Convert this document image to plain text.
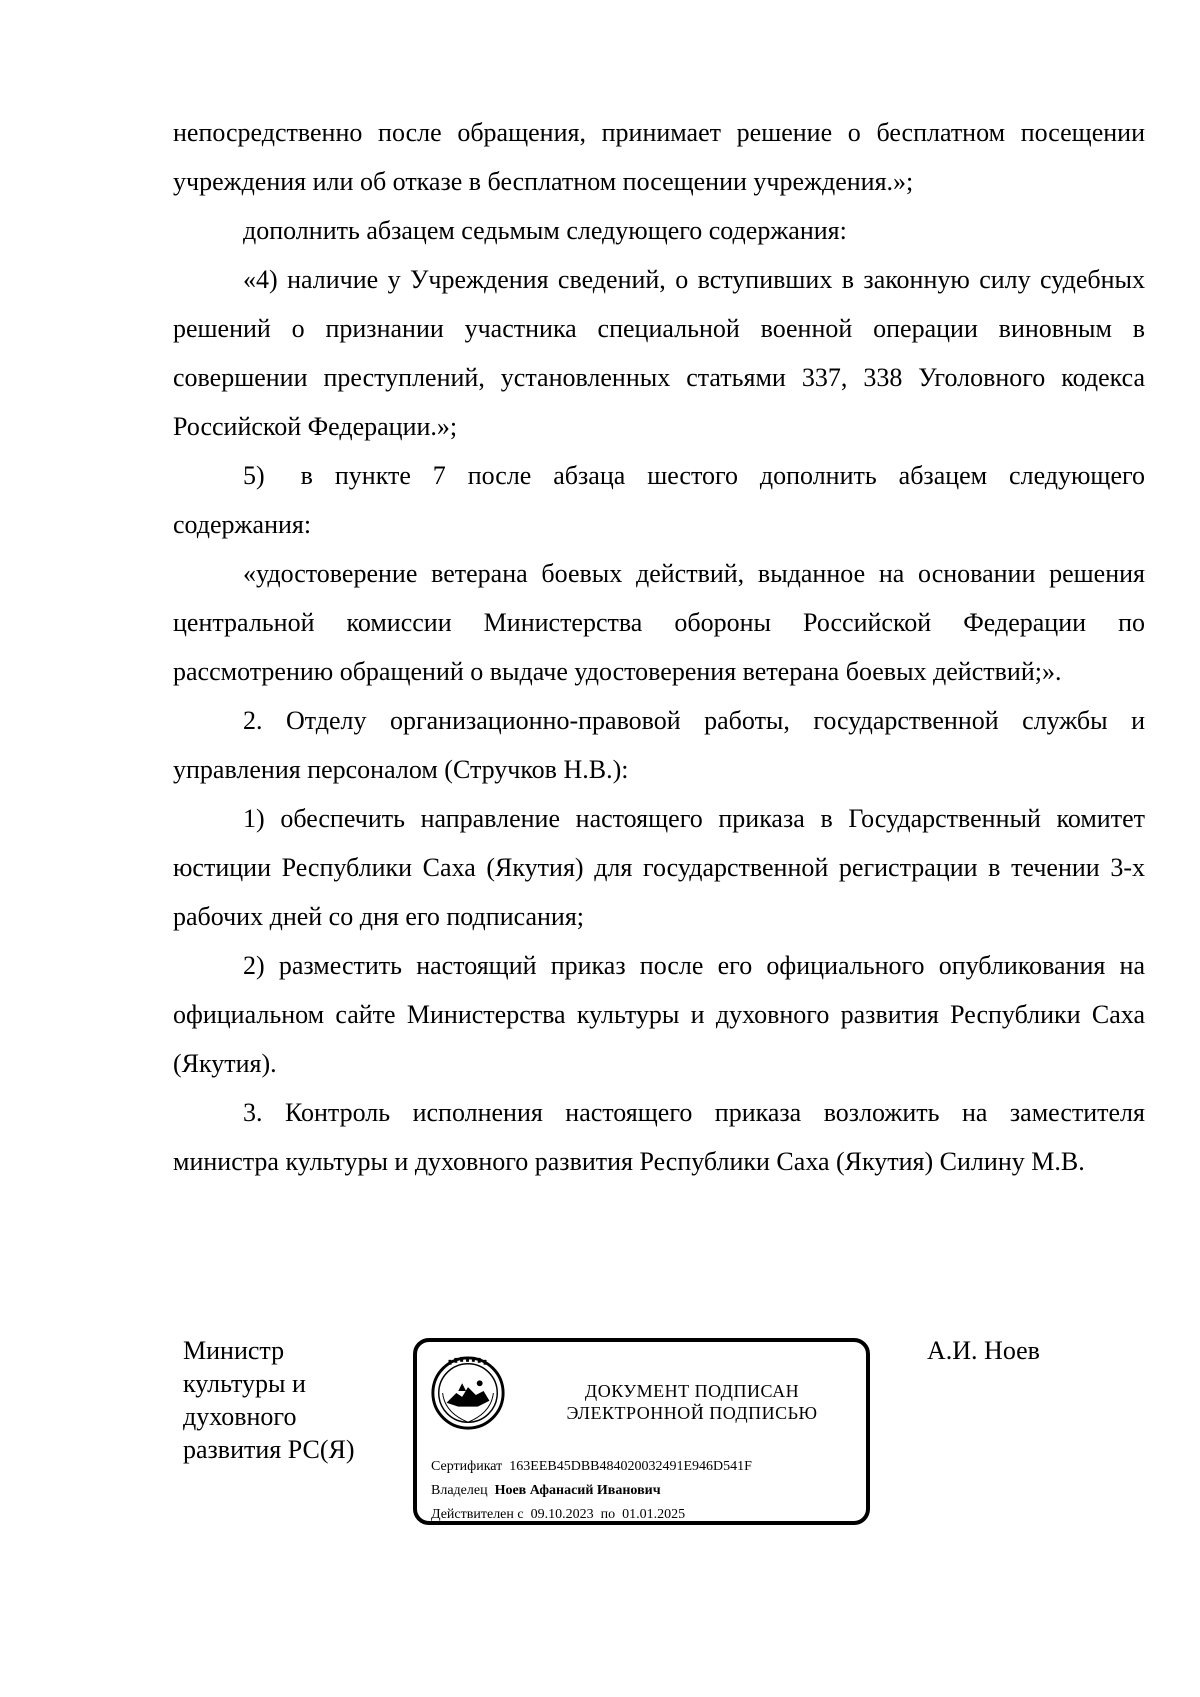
непосредственно после обращения, принимает решение о бесплатном посещении учреждения или об отказе в бесплатном посещении учреждения.»;

дополнить абзацем седьмым следующего содержания:

«4) наличие у Учреждения сведений, о вступивших в законную силу судебных решений о признании участника специальной военной операции виновным в совершении преступлений, установленных статьями 337, 338 Уголовного кодекса Российской Федерации.»;

5) в пункте 7 после абзаца шестого дополнить абзацем следующего содержания:

«удостоверение ветерана боевых действий, выданное на основании решения центральной комиссии Министерства обороны Российской Федерации по рассмотрению обращений о выдаче удостоверения ветерана боевых действий;».

2. Отделу организационно-правовой работы, государственной службы и управления персоналом (Стручков Н.В.):

1) обеспечить направление настоящего приказа в Государственный комитет юстиции Республики Саха (Якутия) для государственной регистрации в течении 3-х рабочих дней со дня его подписания;

2) разместить настоящий приказ после его официального опубликования на официальном сайте Министерства культуры и духовного развития Республики Саха (Якутия).

3. Контроль исполнения настоящего приказа возложить на заместителя министра культуры и духовного развития Республики Саха (Якутия) Силину М.В.

Министр
культуры и
духовного
развития РС(Я)
ДОКУМЕНТ ПОДПИСАН
ЭЛЕКТРОННОЙ ПОДПИСЬЮ
Сертификат 163EEB45DBB484020032491E946D541F
Владелец Ноев Афанасий Иванович
Действителен с 09.10.2023 по 01.01.2025
А.И. Ноев
